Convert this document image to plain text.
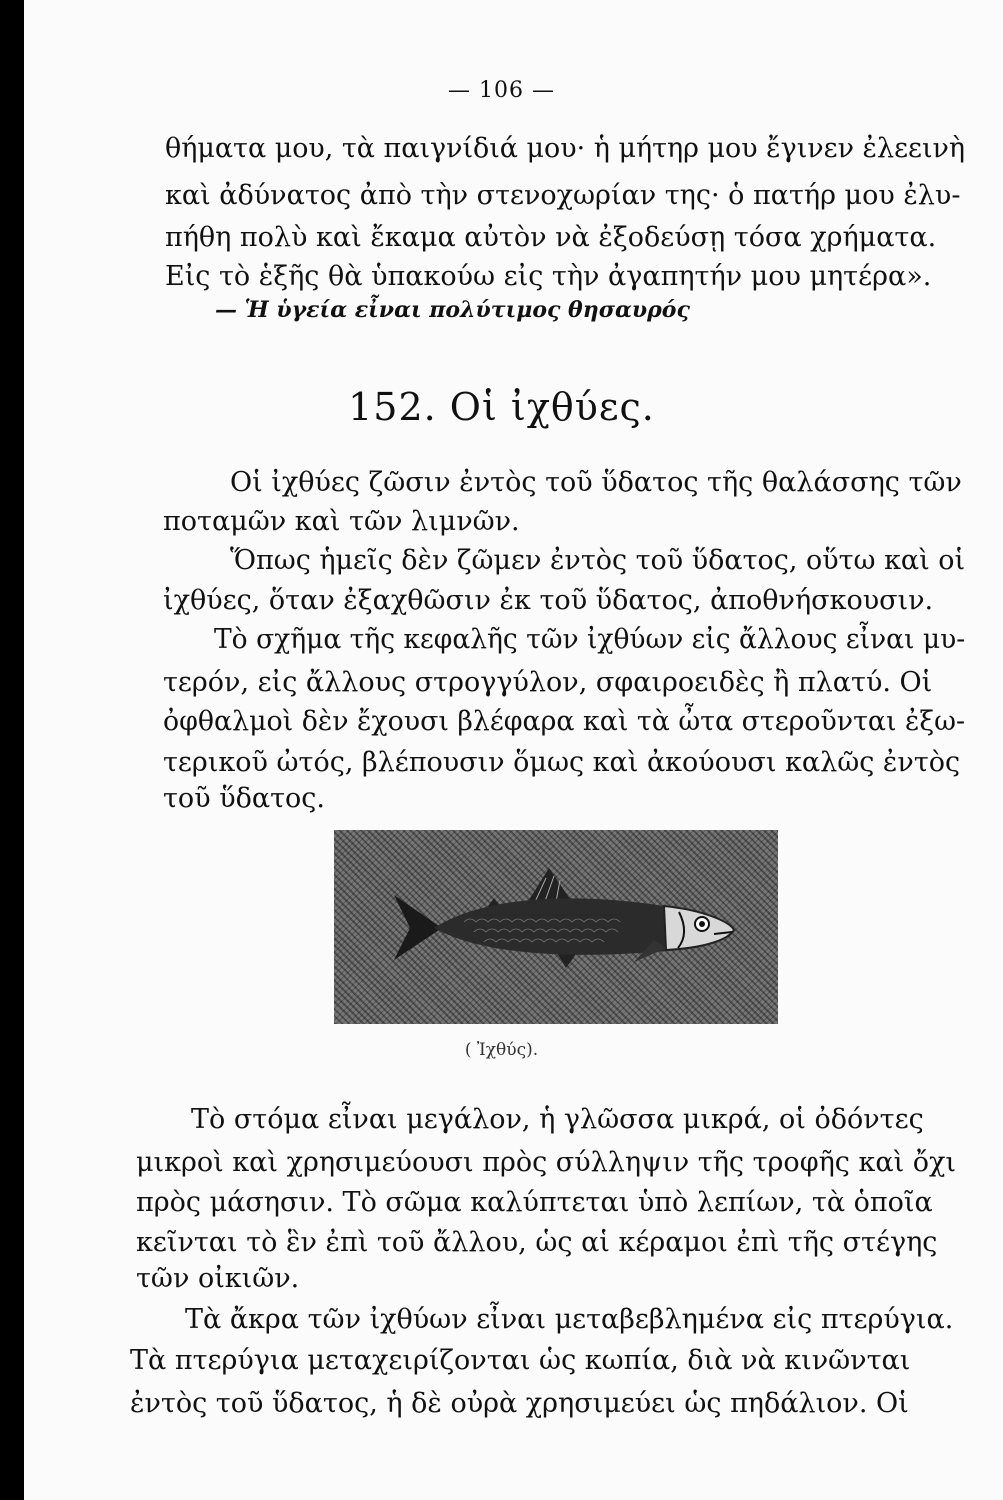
— 106 —
θήματα μου, τὰ παιγνίδιά μου· ἡ μήτηρ μου ἔγινεν ἐλεεινὴ
καὶ ἀδύνατος ἀπὸ τὴν στενοχωρίαν της· ὁ πατήρ μου ἐλυ-
πήθη πολὺ καὶ ἔκαμα αὐτὸν νὰ ἐξοδεύσῃ τόσα χρήματα.
Εἰς τὸ ἑξῆς θὰ ὑπακούω εἰς τὴν ἀγαπητήν μου μητέρα».
— Ἡ ὑγεία εἶναι πολύτιμος θησαυρός
152. Οἱ ἰχθύες.
Οἱ ἰχθύες ζῶσιν ἐντὸς τοῦ ὕδατος τῆς θαλάσσης τῶν
ποταμῶν καὶ τῶν λιμνῶν.
Ὅπως ἡμεῖς δὲν ζῶμεν ἐντὸς τοῦ ὕδατος, οὕτω καὶ οἱ
ἰχθύες, ὅταν ἐξαχθῶσιν ἐκ τοῦ ὕδατος, ἀποθνήσκουσιν.
Τὸ σχῆμα τῆς κεφαλῆς τῶν ἰχθύων εἰς ἄλλους εἶναι μυ-
τερόν, εἰς ἄλλους στρογγύλον, σφαιροειδὲς ἢ πλατύ. Οἱ
ὀφθαλμοὶ δὲν ἔχουσι βλέφαρα καὶ τὰ ὦτα στεροῦνται ἐξω-
τερικοῦ ὠτός, βλέπουσιν ὅμως καὶ ἀκούουσι καλῶς ἐντὸς
τοῦ ὕδατος.
( Ἰχθύς).
Τὸ στόμα εἶναι μεγάλον, ἡ γλῶσσα μικρά, οἱ ὀδόντες
μικροὶ καὶ χρησιμεύουσι πρὸς σύλληψιν τῆς τροφῆς καὶ ὄχι
πρὸς μάσησιν. Τὸ σῶμα καλύπτεται ὑπὸ λεπίων, τὰ ὁποῖα
κεῖνται τὸ ἓν ἐπὶ τοῦ ἄλλου, ὡς αἱ κέραμοι ἐπὶ τῆς στέγης
τῶν οἰκιῶν.
Τὰ ἄκρα τῶν ἰχθύων εἶναι μεταβεβλημένα εἰς πτερύγια.
Τὰ πτερύγια μεταχειρίζονται ὡς κωπία, διὰ νὰ κινῶνται
ἐντὸς τοῦ ὕδατος, ἡ δὲ οὐρὰ χρησιμεύει ὡς πηδάλιον. Οἱ
